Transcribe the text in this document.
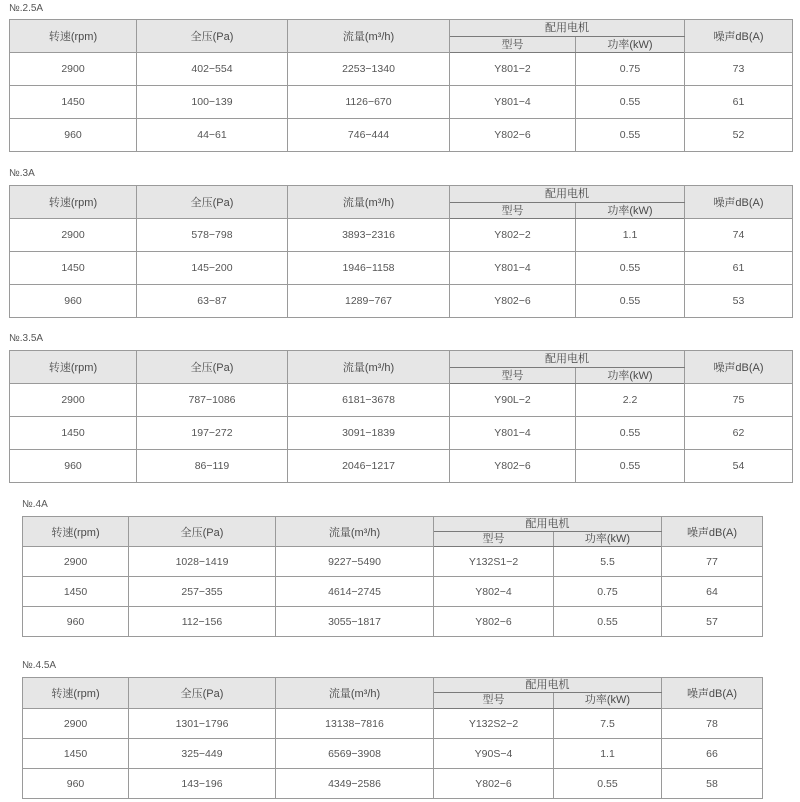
№.2.5A
转速(rpm)	全压(Pa)	流量(m³/h)	配用电机		噪声dB(A)
			型号	功率(kW)	
2900	402−554	2253−1340	Y801−2	0.75	73
1450	100−139	1126−670	Y801−4	0.55	61
960	44−61	746−444	Y802−6	0.55	52
№.3A
转速(rpm)	全压(Pa)	流量(m³/h)	配用电机		噪声dB(A)
			型号	功率(kW)	
2900	578−798	3893−2316	Y802−2	1.1	74
1450	145−200	1946−1158	Y801−4	0.55	61
960	63−87	1289−767	Y802−6	0.55	53
№.3.5A
转速(rpm)	全压(Pa)	流量(m³/h)	配用电机		噪声dB(A)
			型号	功率(kW)	
2900	787−1086	6181−3678	Y90L−2	2.2	75
1450	197−272	3091−1839	Y801−4	0.55	62
960	86−119	2046−1217	Y802−6	0.55	54
№.4A
转速(rpm)	全压(Pa)	流量(m³/h)	配用电机		噪声dB(A)
			型号	功率(kW)	
2900	1028−1419	9227−5490	Y132S1−2	5.5	77
1450	257−355	4614−2745	Y802−4	0.75	64
960	112−156	3055−1817	Y802−6	0.55	57
№.4.5A
转速(rpm)	全压(Pa)	流量(m³/h)	配用电机		噪声dB(A)
			型号	功率(kW)	
2900	1301−1796	13138−7816	Y132S2−2	7.5	78
1450	325−449	6569−3908	Y90S−4	1.1	66
960	143−196	4349−2586	Y802−6	0.55	58
